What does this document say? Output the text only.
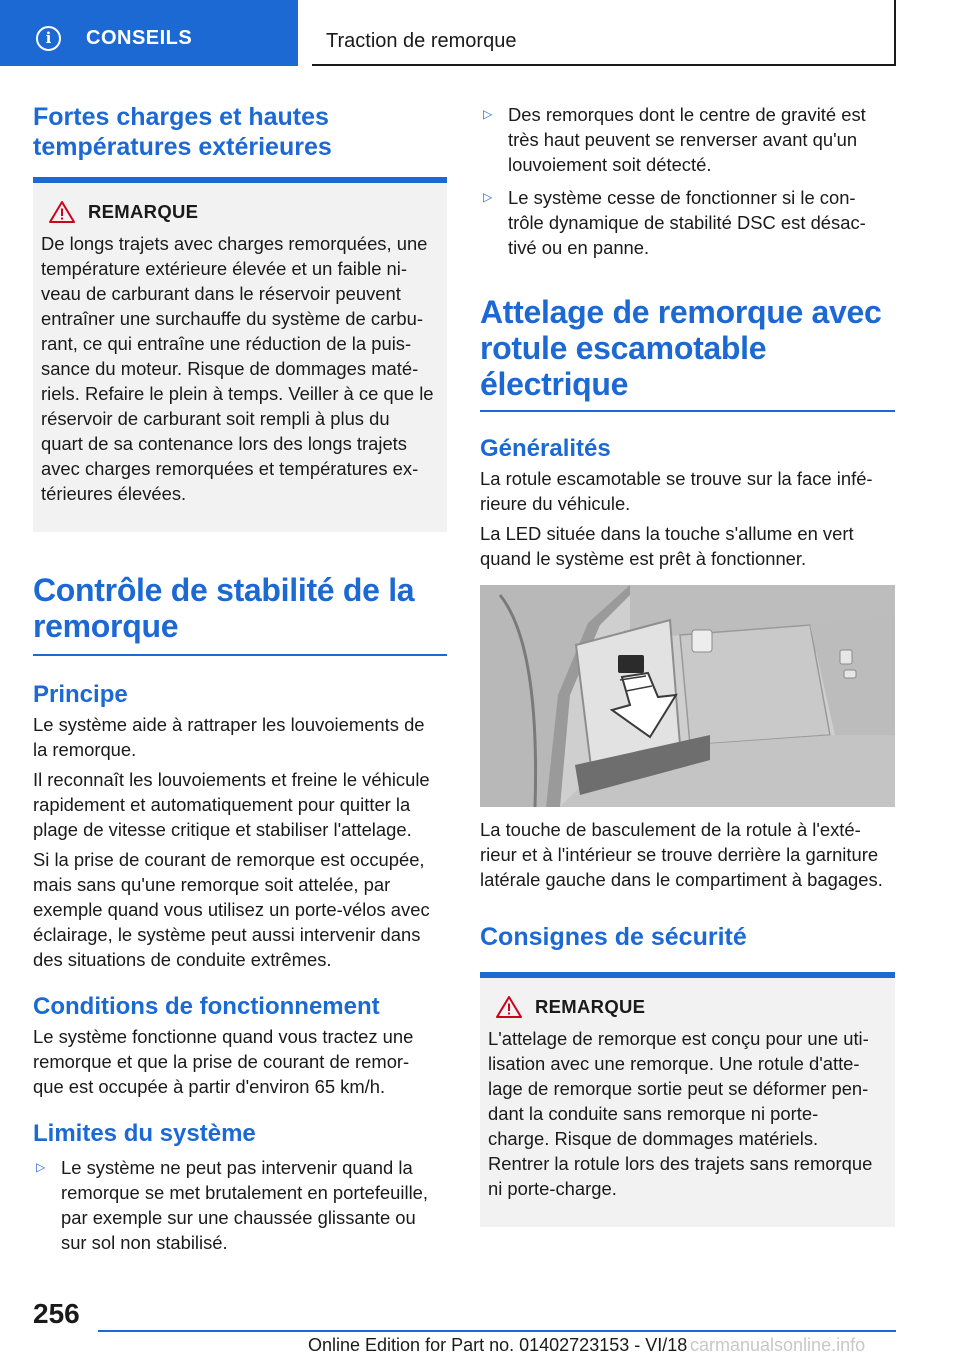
i	CONSEILS	Traction de remorque
Fortes charges et hautes
températures extérieures
REMARQUE
De longs trajets avec charges remorquées, une
température extérieure élevée et un faible ni-
veau de carburant dans le réservoir peuvent
entraîner une surchauffe du système de carbu-
rant, ce qui entraîne une réduction de la puis-
sance du moteur. Risque de dommages maté-
riels. Refaire le plein à temps. Veiller à ce que le
réservoir de carburant soit rempli à plus du
quart de sa contenance lors des longs trajets
avec charges remorquées et températures ex-
térieures élevées.
Contrôle de stabilité de la
remorque
Principe
Le système aide à rattraper les louvoiements de
la remorque.
Il reconnaît les louvoiements et freine le véhicule
rapidement et automatiquement pour quitter la
plage de vitesse critique et stabiliser l'attelage.
Si la prise de courant de remorque est occupée,
mais sans qu'une remorque soit attelée, par
exemple quand vous utilisez un porte-vélos avec
éclairage, le système peut aussi intervenir dans
des situations de conduite extrêmes.
Conditions de fonctionnement
Le système fonctionne quand vous tractez une
remorque et que la prise de courant de remor-
que est occupée à partir d'environ 65 km/h.
Limites du système
▷ Le système ne peut pas intervenir quand la
remorque se met brutalement en portefeuille,
par exemple sur une chaussée glissante ou
sur sol non stabilisé.
▷ Des remorques dont le centre de gravité est
très haut peuvent se renverser avant qu'un
louvoiement soit détecté.
▷ Le système cesse de fonctionner si le con-
trôle dynamique de stabilité DSC est désac-
tivé ou en panne.
Attelage de remorque avec
rotule escamotable
électrique
Généralités
La rotule escamotable se trouve sur la face infé-
rieure du véhicule.
La LED située dans la touche s'allume en vert
quand le système est prêt à fonctionner.
La touche de basculement de la rotule à l'exté-
rieur et à l'intérieur se trouve derrière la garniture
latérale gauche dans le compartiment à bagages.
Consignes de sécurité
REMARQUE
L'attelage de remorque est conçu pour une uti-
lisation avec une remorque. Une rotule d'atte-
lage de remorque sortie peut se déformer pen-
dant la conduite sans remorque ni porte-
charge. Risque de dommages matériels.
Rentrer la rotule lors des trajets sans remorque
ni porte-charge.
256
Online Edition for Part no. 01402723153 - VI/18 carmanualsonline.info
